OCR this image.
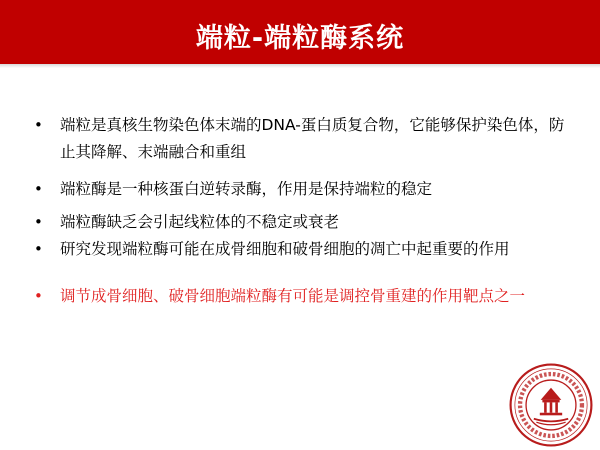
端粒-端粒酶系统
• 端粒是真核生物染色体末端的DNA-蛋白质复合物，它能够保护染色体，防止其降解、末端融合和重组
• 端粒酶是一种核蛋白逆转录酶，作用是保持端粒的稳定
• 端粒酶缺乏会引起线粒体的不稳定或衰老
• 研究发现端粒酶可能在成骨细胞和破骨细胞的凋亡中起重要的作用
• 调节成骨细胞、破骨细胞端粒酶有可能是调控骨重建的作用靶点之一
